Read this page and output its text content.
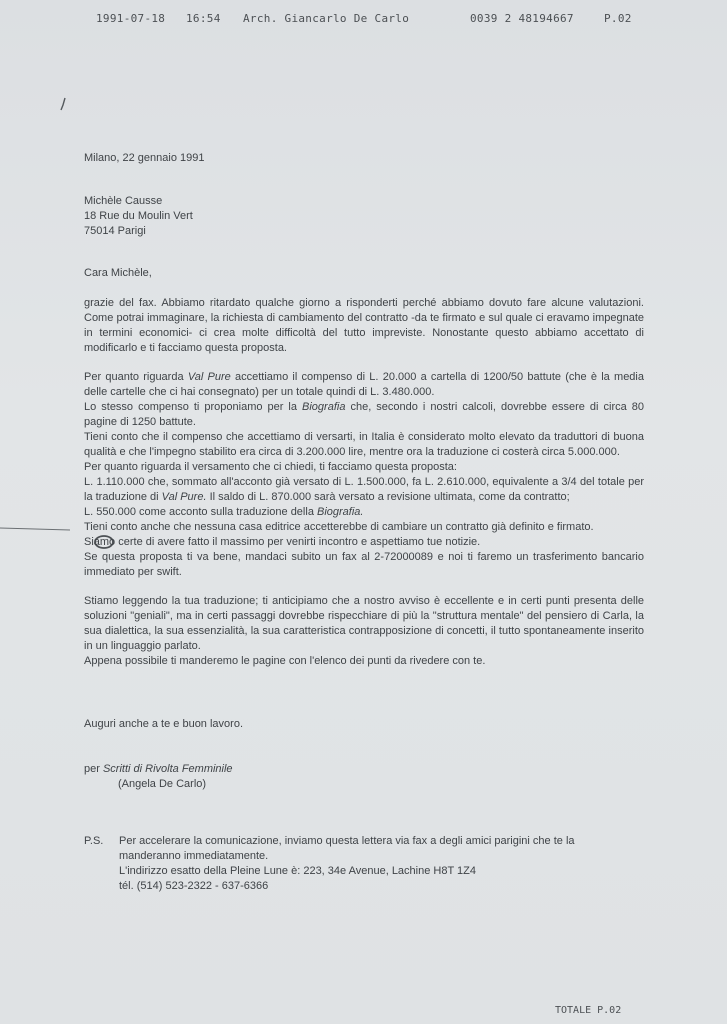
1991-07-18 16:54 Arch. Giancarlo De Carlo	0039 2 48194667	P.02
Milano, 22 gennaio 1991
Michèle Causse
18 Rue du Moulin Vert
75014 Parigi
Cara Michèle,

grazie del fax. Abbiamo ritardato qualche giorno a risponderti perché abbiamo dovuto fare alcune valutazioni. Come potrai immaginare, la richiesta di cambiamento del contratto -da te firmato e sul quale ci eravamo impegnate in termini economici- ci crea molte difficoltà del tutto impreviste. Nonostante questo abbiamo accettato di modificarlo e ti facciamo questa proposta.

Per quanto riguarda Val Pure accettiamo il compenso di L. 20.000 a cartella di 1200/50 battute (che è la media delle cartelle che ci hai consegnato) per un totale quindi di L. 3.480.000.

Lo stesso compenso ti proponiamo per la Biografia che, secondo i nostri calcoli, dovrebbe essere di circa 80 pagine di 1250 battute.

Tieni conto che il compenso che accettiamo di versarti, in Italia è considerato molto elevato da traduttori di buona qualità e che l'impegno stabilito era circa di 3.200.000 lire, mentre ora la traduzione ci costerà circa 5.000.000.

Per quanto riguarda il versamento che ci chiedi, ti facciamo questa proposta:

L. 1.110.000 che, sommato all'acconto già versato di L. 1.500.000, fa L. 2.610.000, equivalente a 3/4 del totale per la traduzione di Val Pure. Il saldo di L. 870.000 sarà versato a revisione ultimata, come da contratto;

L. 550.000 come acconto sulla traduzione della Biografia.

Tieni conto anche che nessuna casa editrice accetterebbe di cambiare un contratto già definito e firmato.

Siamo certe di avere fatto il massimo per venirti incontro e aspettiamo tue notizie.

Se questa proposta ti va bene, mandaci subito un fax al 2-72000089 e noi ti faremo un trasferimento bancario immediato per swift.

Stiamo leggendo la tua traduzione; ti anticipiamo che a nostro avviso è eccellente e in certi punti presenta delle soluzioni "geniali", ma in certi passaggi dovrebbe rispecchiare di più la "struttura mentale" del pensiero di Carla, la sua dialettica, la sua essenzialità, la sua caratteristica contrapposizione di concetti, il tutto spontaneamente inserito in un linguaggio parlato.

Appena possibile ti manderemo le pagine con l'elenco dei punti da rivedere con te.

Auguri anche a te e buon lavoro.
per Scritti di Rivolta Femminile
(Angela De Carlo)
P.S. Per accelerare la comunicazione, inviamo questa lettera via fax a degli amici parigini che te la manderanno immediatamente.
L'indirizzo esatto della Pleine Lune è: 223, 34e Avenue, Lachine H8T 1Z4
tél. (514) 523-2322 - 637-6366
TOTALE P.02
